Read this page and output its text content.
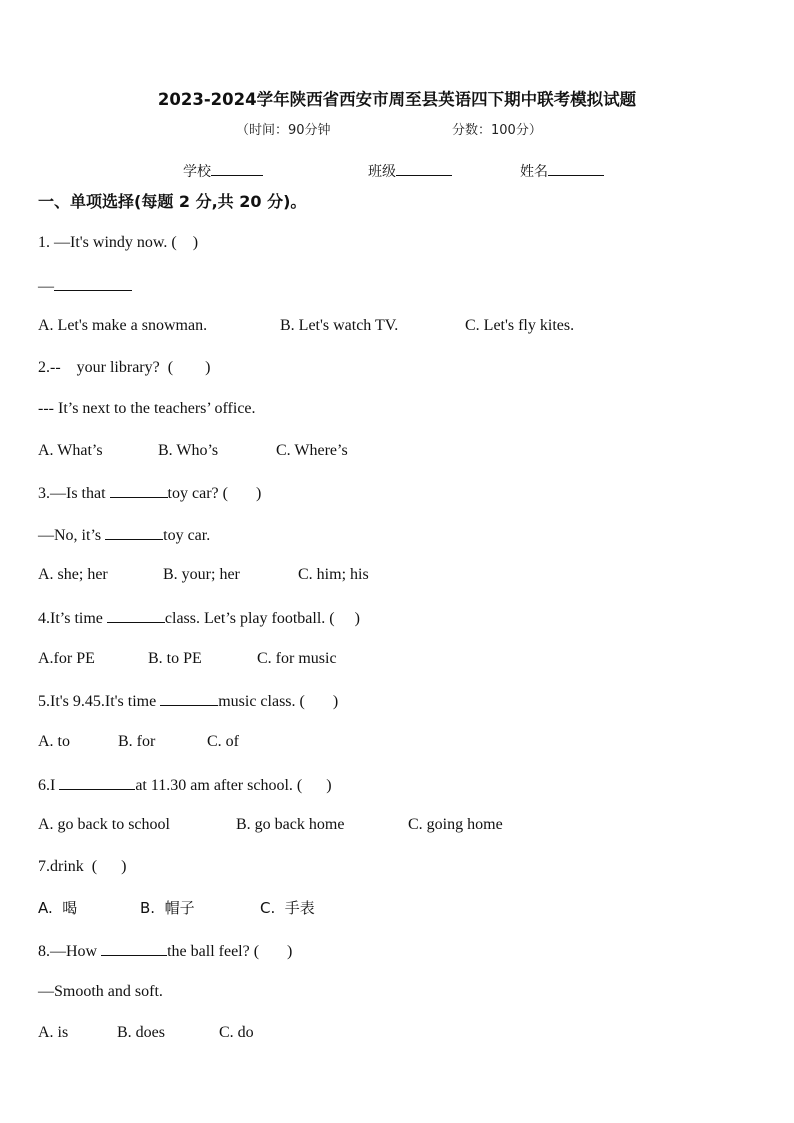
2023-2024学年陕西省西安市周至县英语四下期中联考模拟试题
（时间：90分钟	分数：100分）
学校	班级	姓名
一、单项选择(每题 2 分,共 20 分)。
1. —It's windy now. (    )
—
A. Let's make a snowman.	B. Let's watch TV.	C. Let's fly kites.
2.--    your library?  (        )
--- It’s next to the teachers’ office.
A. What’s	B. Who’s	C. Where’s
3.—Is that	toy car? (       )
—No, it’s	toy car.
A. she; her	B. your; her	C. him; his
4.It’s time	class. Let’s play football. (     )
A.for PE	B. to PE	C. for music
5.It's 9.45.It's time	music class. (       )
A. to	B. for	C. of
6.I	at 11.30 am after school. (      )
A. go back to school	B. go back home	C. going home
7.drink  (      )
A.  喝	B.  帽子	C.  手表
8.—How	the ball feel? (       )
—Smooth and soft.
A. is	B. does	C. do
